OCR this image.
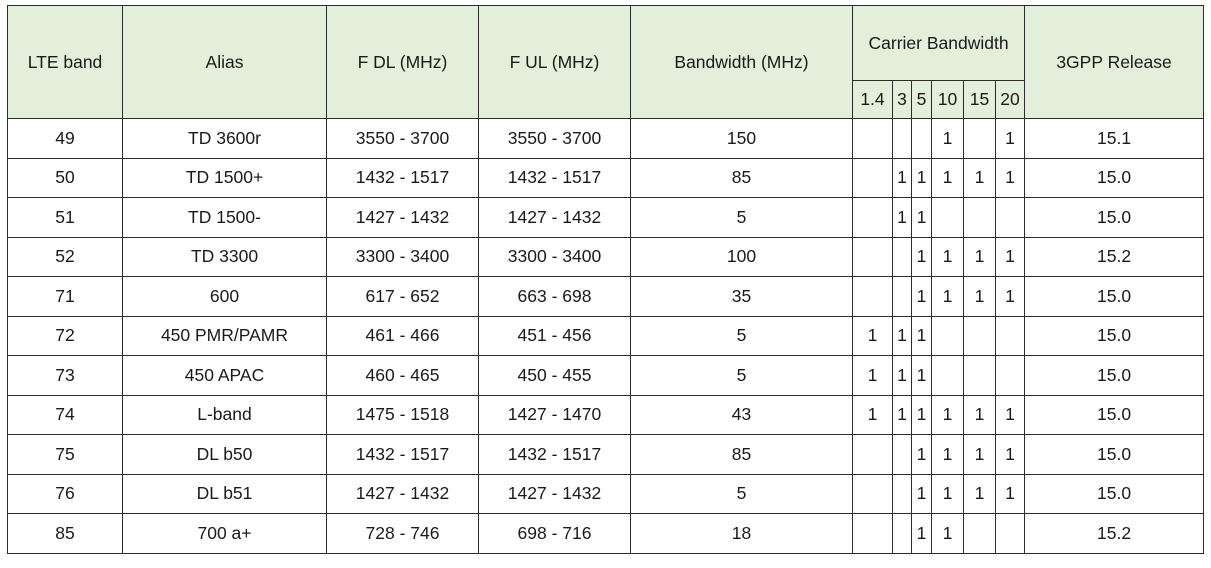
LTE band	Alias	F DL (MHz)	F UL (MHz)	Bandwidth (MHz)	Carrier Bandwidth						3GPP Release
					1.4	3	5	10	15	20	
49	TD 3600r	3550 - 3700	3550 - 3700	150				1		1	15.1
50	TD 1500+	1432 - 1517	1432 - 1517	85		1	1	1	1	1	15.0
51	TD 1500-	1427 - 1432	1427 - 1432	5		1	1				15.0
52	TD 3300	3300 - 3400	3300 - 3400	100			1	1	1	1	15.2
71	600	617 - 652	663 - 698	35			1	1	1	1	15.0
72	450 PMR/PAMR	461 - 466	451 - 456	5	1	1	1				15.0
73	450 APAC	460 - 465	450 - 455	5	1	1	1				15.0
74	L-band	1475 - 1518	1427 - 1470	43	1	1	1	1	1	1	15.0
75	DL b50	1432 - 1517	1432 - 1517	85			1	1	1	1	15.0
76	DL b51	1427 - 1432	1427 - 1432	5			1	1	1	1	15.0
85	700 a+	728 - 746	698 - 716	18			1	1			15.2
